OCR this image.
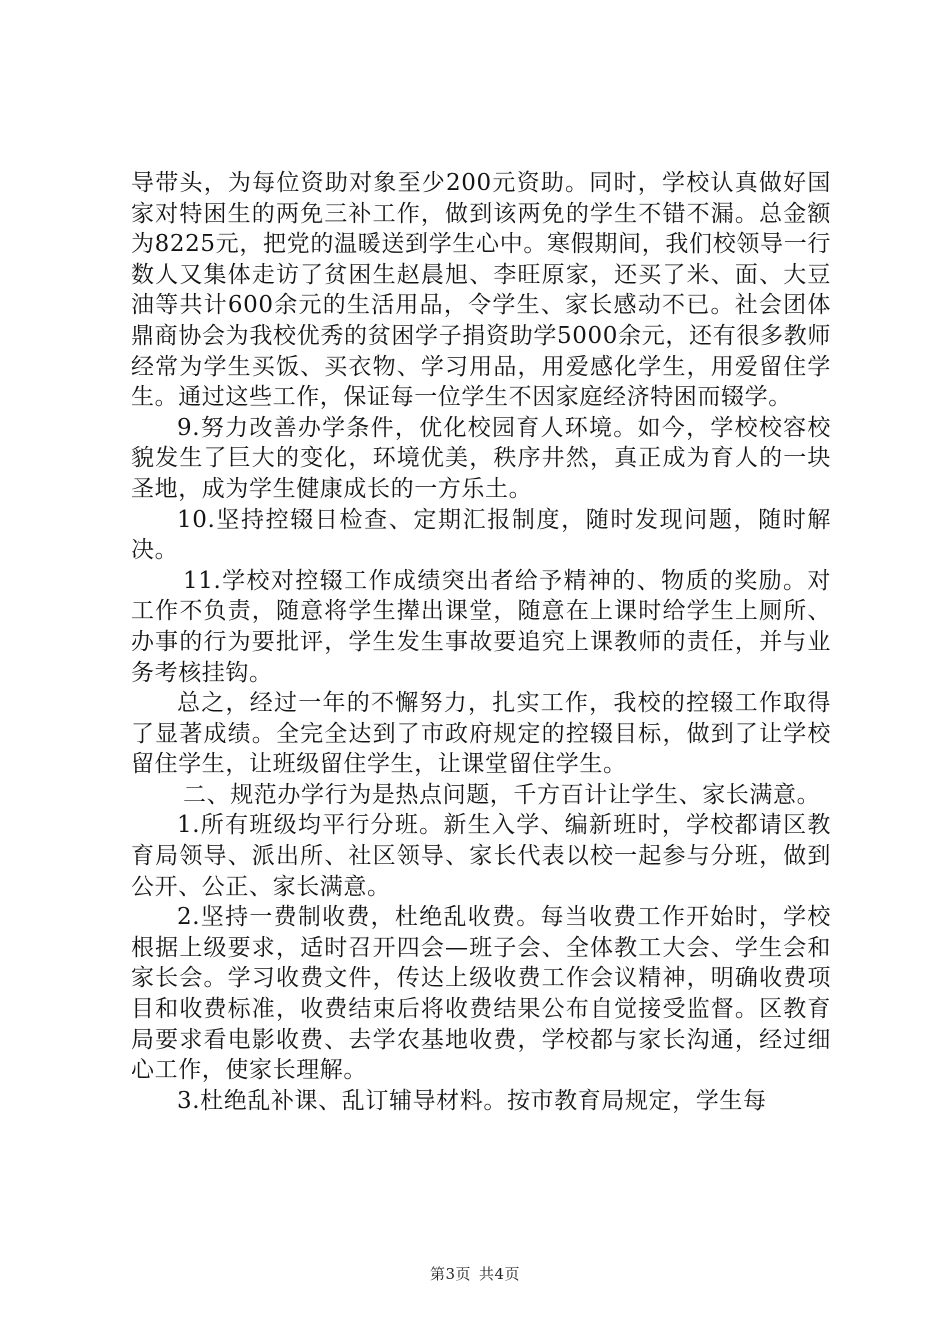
导带头，为每位资助对象至少200元资助。同时，学校认真做好国家对特困生的两免三补工作，做到该两免的学生不错不漏。总金额为8225元，把党的温暖送到学生心中。寒假期间，我们校领导一行数人又集体走访了贫困生赵晨旭、李旺原家，还买了米、面、大豆油等共计600余元的生活用品，令学生、家长感动不已。社会团体鼎商协会为我校优秀的贫困学子捐资助学5000余元，还有很多教师经常为学生买饭、买衣物、学习用品，用爱感化学生，用爱留住学生。通过这些工作，保证每一位学生不因家庭经济特困而辍学。

9.努力改善办学条件，优化校园育人环境。如今，学校校容校貌发生了巨大的变化，环境优美，秩序井然，真正成为育人的一块圣地，成为学生健康成长的一方乐土。

10.坚持控辍日检查、定期汇报制度，随时发现问题，随时解决。

11.学校对控辍工作成绩突出者给予精神的、物质的奖励。对工作不负责，随意将学生撵出课堂，随意在上课时给学生上厕所、办事的行为要批评，学生发生事故要追究上课教师的责任，并与业务考核挂钩。

总之，经过一年的不懈努力，扎实工作，我校的控辍工作取得了显著成绩。全完全达到了市政府规定的控辍目标，做到了让学校留住学生，让班级留住学生，让课堂留住学生。

二、规范办学行为是热点问题，千方百计让学生、家长满意。

1.所有班级均平行分班。新生入学、编新班时，学校都请区教育局领导、派出所、社区领导、家长代表以校一起参与分班，做到公开、公正、家长满意。

2.坚持一费制收费，杜绝乱收费。每当收费工作开始时，学校根据上级要求，适时召开四会—班子会、全体教工大会、学生会和家长会。学习收费文件，传达上级收费工作会议精神，明确收费项目和收费标准，收费结束后将收费结果公布自觉接受监督。区教育局要求看电影收费、去学农基地收费，学校都与家长沟通，经过细心工作，使家长理解。

3.杜绝乱补课、乱订辅导材料。按市教育局规定，学生每

第3页 共4页
